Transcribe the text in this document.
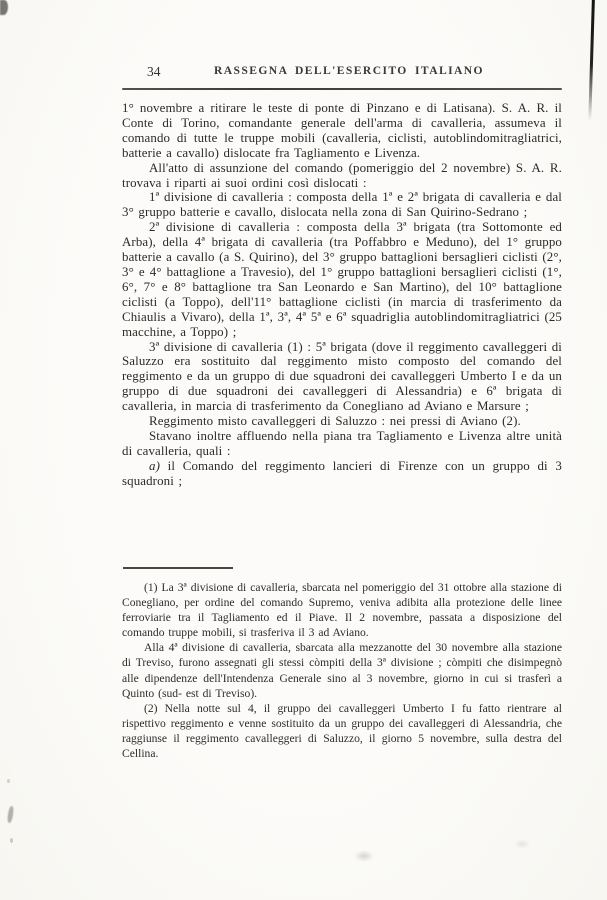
34	RASSEGNA DELL'ESERCITO ITALIANO

1° novembre a ritirare le teste di ponte di Pinzano e di Latisana). S. A. R. il Conte di Torino, comandante generale dell'arma di cavalleria, assumeva il comando di tutte le truppe mobili (cavalleria, ciclisti, autoblindomitragliatrici, batterie a cavallo) dislocate fra Tagliamento e Livenza.

All'atto di assunzione del comando (pomeriggio del 2 novembre) S. A. R. trovava i riparti ai suoi ordini così dislocati :

1ª divisione di cavalleria : composta della 1ª e 2ª brigata di cavalleria e dal 3° gruppo batterie e cavallo, dislocata nella zona di San Quirino-Sedrano ;

2ª divisione di cavalleria : composta della 3ª brigata (tra Sottomonte ed Arba), della 4ª brigata di cavalleria (tra Poffabbro e Meduno), del 1° gruppo batterie a cavallo (a S. Quirino), del 3° gruppo battaglioni bersaglieri ciclisti (2°, 3° e 4° battaglione a Travesio), del 1° gruppo battaglioni bersaglieri ciclisti (1°, 6°, 7° e 8° battaglione tra San Leonardo e San Martino), del 10° battaglione ciclisti (a Toppo), dell'11° battaglione ciclisti (in marcia di trasferimento da Chiaulis a Vivaro), della 1ª, 3ª, 4ª 5ª e 6ª squadriglia autoblindomitragliatrici (25 macchine, a Toppo) ;

3ª divisione di cavalleria (1) : 5ª brigata (dove il reggimento cavalleggeri di Saluzzo era sostituito dal reggimento misto composto del comando del reggimento e da un gruppo di due squadroni dei cavalleggeri Umberto I e da un gruppo di due squadroni dei cavalleggeri di Alessandria) e 6ª brigata di cavalleria, in marcia di trasferimento da Conegliano ad Aviano e Marsure ;

Reggimento misto cavalleggeri di Saluzzo : nei pressi di Aviano (2).

Stavano inoltre affluendo nella piana tra Tagliamento e Livenza altre unità di cavalleria, quali :

a) il Comando del reggimento lancieri di Firenze con un gruppo di 3 squadroni ;

(1) La 3ª divisione di cavalleria, sbarcata nel pomeriggio del 31 ottobre alla stazione di Conegliano, per ordine del comando Supremo, veniva adibita alla protezione delle linee ferroviarie tra il Tagliamento ed il Piave. Il 2 novembre, passata a disposizione del comando truppe mobili, si trasferiva il 3 ad Aviano.

Alla 4ª divisione di cavalleria, sbarcata alla mezzanotte del 30 novembre alla stazione di Treviso, furono assegnati gli stessi còmpiti della 3ª divisione ; còmpiti che disimpegnò alle dipendenze dell'Intendenza Generale sino al 3 novembre, giorno in cui si trasferì a Quinto (sud- est di Treviso).

(2) Nella notte sul 4, il gruppo dei cavalleggeri Umberto I fu fatto rientrare al rispettivo reggimento e venne sostituito da un gruppo dei cavalleggeri di Alessandria, che raggiunse il reggimento cavalleggeri di Saluzzo, il giorno 5 novembre, sulla destra del Cellina.
